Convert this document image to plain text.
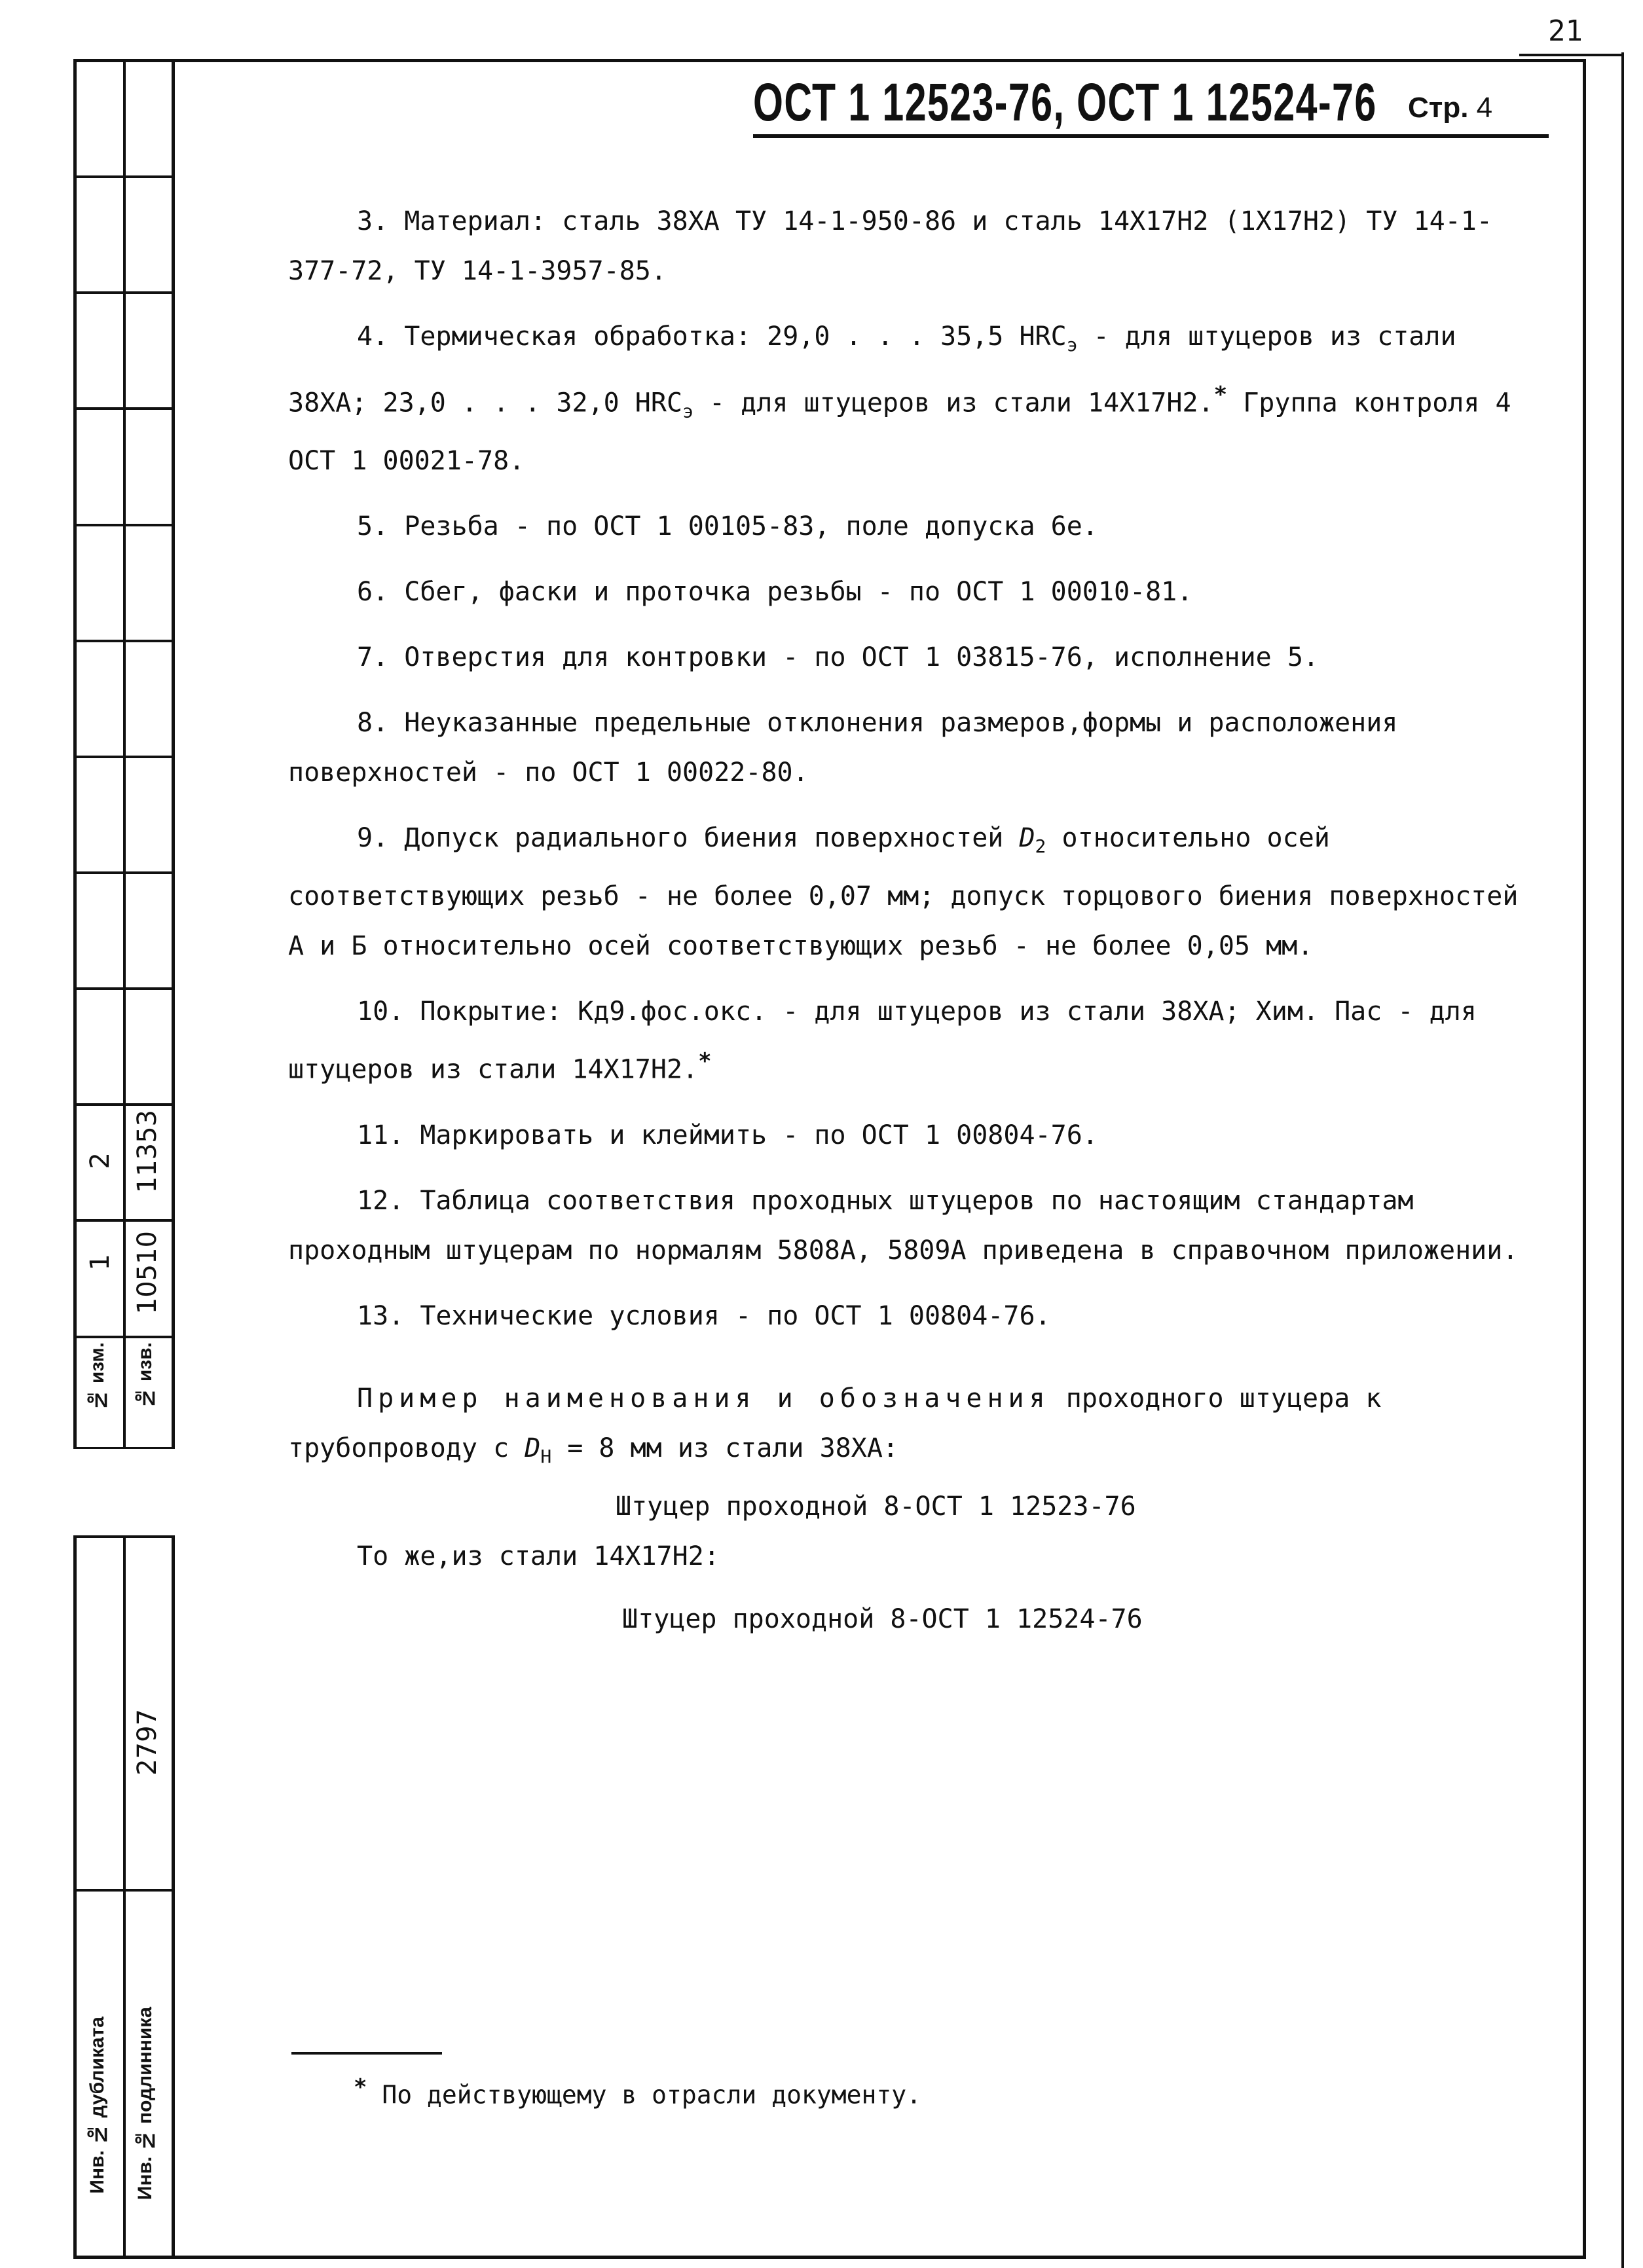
21
№ изм. № изв.
1 10510
2 11353
Инв. № дубликата Инв. № подлинника
2797
ОСТ 1 12523-76, ОСТ 1 12524-76 Стр. 4

3. Материал: сталь 38ХА ТУ 14-1-950-86 и сталь 14Х17Н2 (1Х17Н2) ТУ 14-1-377-72, ТУ 14-1-3957-85.

4. Термическая обработка: 29,0 . . . 35,5 $HRC_э$ - для штуцеров из стали 38ХА; 23,0 . . . 32,0 $HRC_э$ - для штуцеров из стали 14Х17Н2.* Группа контроля 4 ОСТ 1 00021-78.

5. Резьба - по ОСТ 1 00105-83, поле допуска 6е.

6. Сбег, фаски и проточка резьбы - по ОСТ 1 00010-81.

7. Отверстия для контровки - по ОСТ 1 03815-76, исполнение 5.

8. Неуказанные предельные отклонения размеров,формы и расположения поверхностей - по ОСТ 1 00022-80.

9. Допуск радиального биения поверхностей $D_2$ относительно осей соответствующих резьб - не более 0,07 мм; допуск торцового биения поверхностей А и Б относительно осей соответствующих резьб - не более 0,05 мм.

10. Покрытие: Кд9.фос.окс. - для штуцеров из стали 38ХА; Хим. Пас - для штуцеров из стали 14Х17Н2.*

11. Маркировать и клеймить - по ОСТ 1 00804-76.

12. Таблица соответствия проходных штуцеров по настоящим стандартам проходным штуцерам по нормалям 5808А, 5809А приведена в справочном приложении.

13. Технические условия - по ОСТ 1 00804-76.

Пример наименования и обозначения проходного штуцера к трубопроводу с $D_H = 8$ мм из стали 38ХА:

Штуцер проходной 8-ОСТ 1 12523-76

То же,из стали 14Х17Н2:

Штуцер проходной 8-ОСТ 1 12524-76

* По действующему в отрасли документу.
